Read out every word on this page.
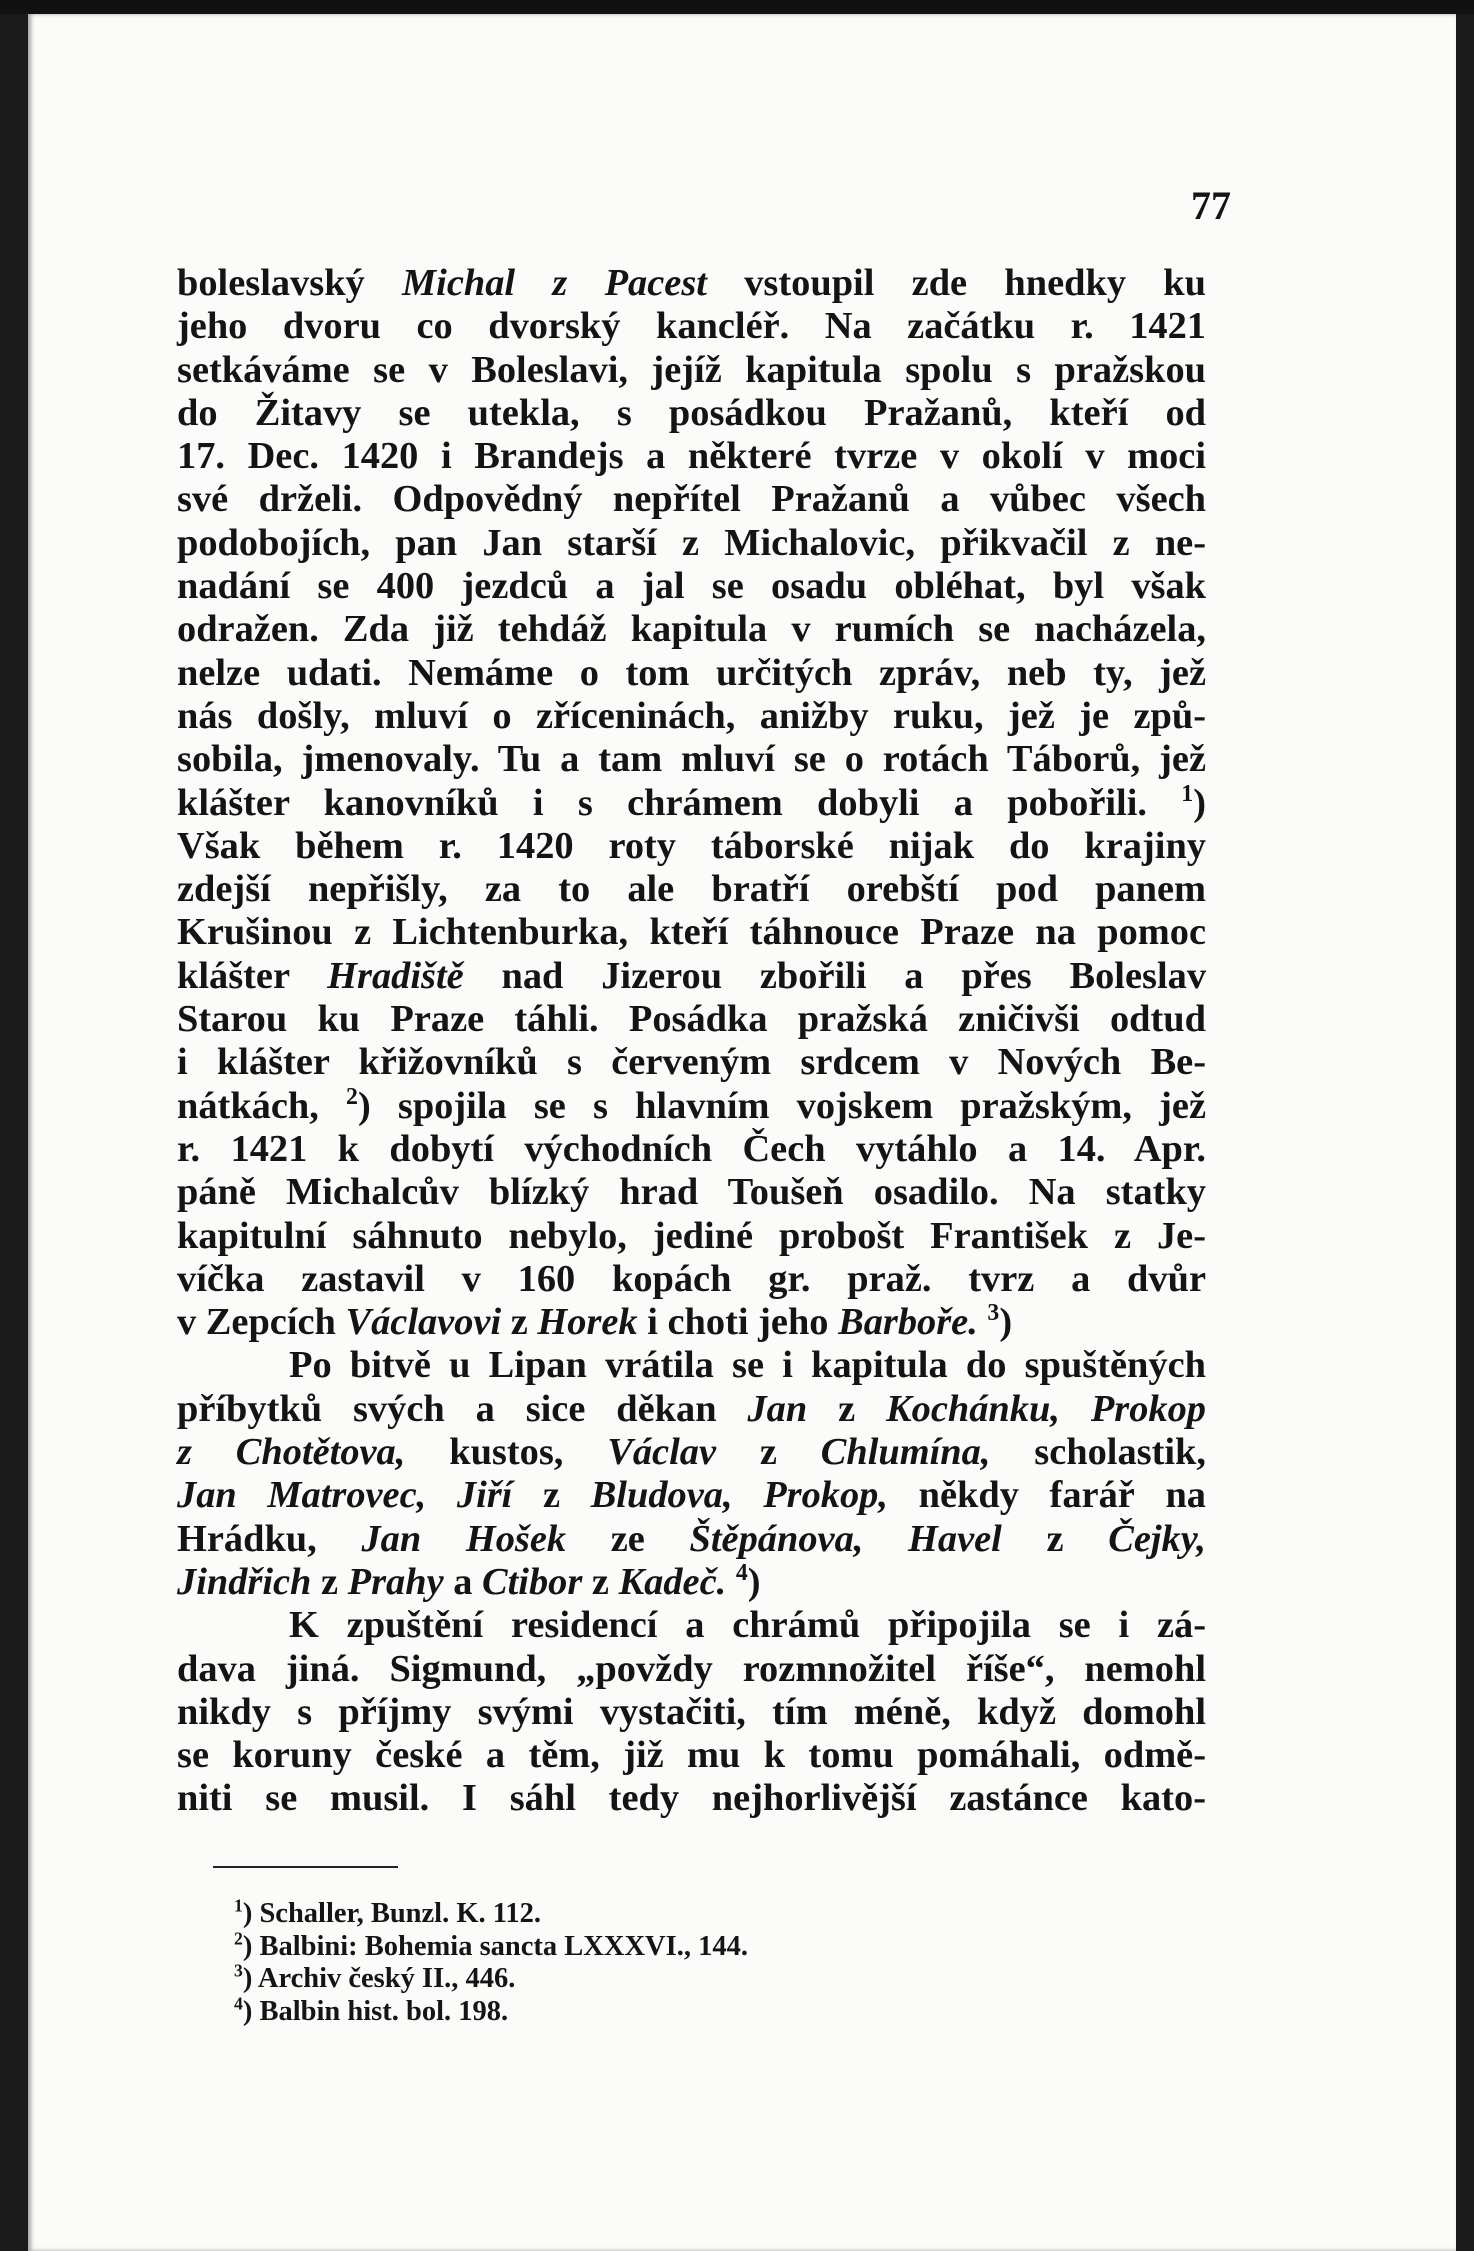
77
boleslavský Michal z Pacest vstoupil zde hnedky ku
jeho dvoru co dvorský kancléř. Na začátku r. 1421
setkáváme se v Boleslavi, jejíž kapitula spolu s pražskou
do Žitavy se utekla, s posádkou Pražanů, kteří od
17. Dec. 1420 i Brandejs a některé tvrze v okolí v moci
své drželi. Odpovědný nepřítel Pražanů a vůbec všech
podobojích, pan Jan starší z Michalovic, přikvačil z ne-
nadání se 400 jezdců a jal se osadu obléhat, byl však
odražen. Zda již tehdáž kapitula v rumích se nacházela,
nelze udati. Nemáme o tom určitých zpráv, neb ty, jež
nás došly, mluví o zříceninách, anižby ruku, jež je způ-
sobila, jmenovaly. Tu a tam mluví se o rotách Táborů, jež
klášter kanovníků i s chrámem dobyli a pobořili. $^1$)
Však během r. 1420 roty táborské nijak do krajiny
zdejší nepřišly, za to ale bratří orebští pod panem
Krušinou z Lichtenburka, kteří táhnouce Praze na pomoc
klášter Hradiště nad Jizerou zbořili a přes Boleslav
Starou ku Praze táhli. Posádka pražská zničivši odtud
i klášter křižovníků s červeným srdcem v Nových Be-
nátkách, $^2$) spojila se s hlavním vojskem pražským, jež
r. 1421 k dobytí východních Čech vytáhlo a 14. Apr.
páně Michalcův blízký hrad Toušeň osadilo. Na statky
kapitulní sáhnuto nebylo, jediné probošt František z Je-
víčka zastavil v 160 kopách gr. praž. tvrz a dvůr
v Zepcích Václavovi z Horek i choti jeho Barboře. $^3$)
Po bitvě u Lipan vrátila se i kapitula do spuštěných
příbytků svých a sice děkan Jan z Kochánku, Prokop
z Chotětova, kustos, Václav z Chlumína, scholastik,
Jan Matrovec, Jiří z Bludova, Prokop, někdy farář na
Hrádku, Jan Hošek ze Štěpánova, Havel z Čejky,
Jindřich z Prahy a Ctibor z Kadeč. $^4$)
K zpuštění residencí a chrámů připojila se i zá-
dava jiná. Sigmund, „povždy rozmnožitel říše“, nemohl
nikdy s příjmy svými vystačiti, tím méně, když domohl
se koruny české a těm, již mu k tomu pomáhali, odmě-
niti se musil. I sáhl tedy nejhorlivější zastánce kato-
$^1$) Schaller, Bunzl. K. 112.
$^2$) Balbini: Bohemia sancta LXXXVI., 144.
$^3$) Archiv český II., 446.
$^4$) Balbin hist. bol. 198.
